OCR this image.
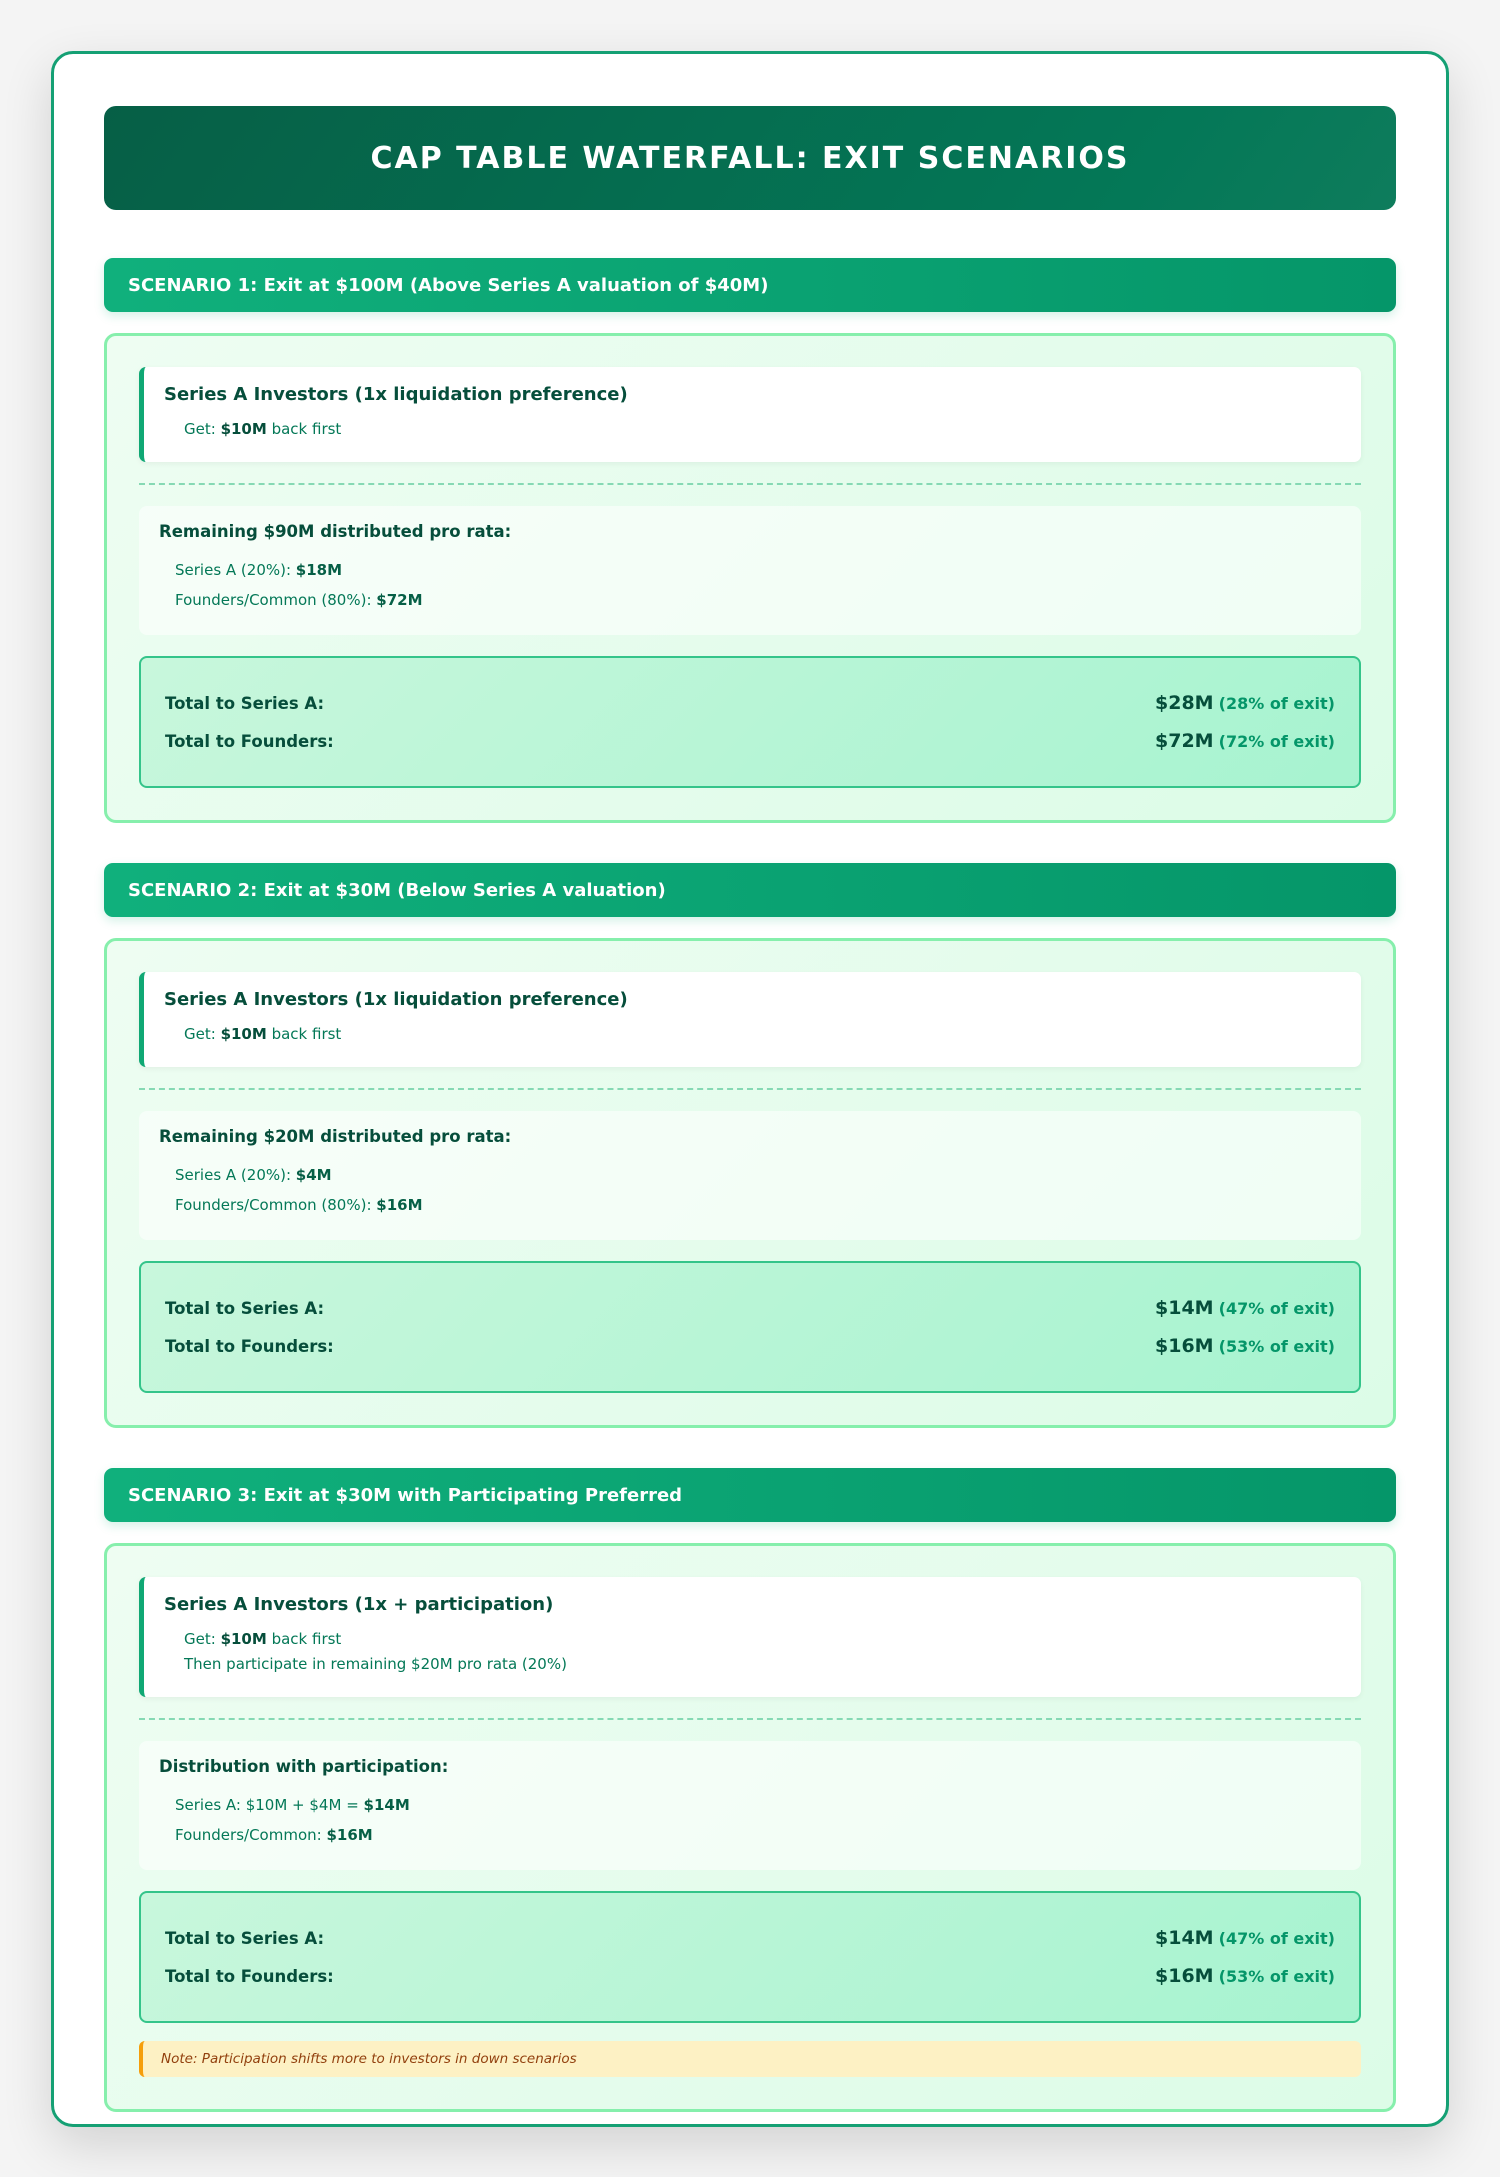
CAP TABLE WATERFALL: EXIT SCENARIOS
SCENARIO 1: Exit at $100M (Above Series A valuation of $40M)
Series A Investors (1x liquidation preference)
Get: $10M back first
Remaining $90M distributed pro rata:
Series A (20%): $18M
Founders/Common (80%): $72M
Total to Series A:	$28M (28% of exit)
Total to Founders:	$72M (72% of exit)
SCENARIO 2: Exit at $30M (Below Series A valuation)
Series A Investors (1x liquidation preference)
Get: $10M back first
Remaining $20M distributed pro rata:
Series A (20%): $4M
Founders/Common (80%): $16M
Total to Series A:	$14M (47% of exit)
Total to Founders:	$16M (53% of exit)
SCENARIO 3: Exit at $30M with Participating Preferred
Series A Investors (1x + participation)
Get: $10M back first
Then participate in remaining $20M pro rata (20%)
Distribution with participation:
Series A: $10M + $4M = $14M
Founders/Common: $16M
Total to Series A:	$14M (47% of exit)
Total to Founders:	$16M (53% of exit)
Note: Participation shifts more to investors in down scenarios
